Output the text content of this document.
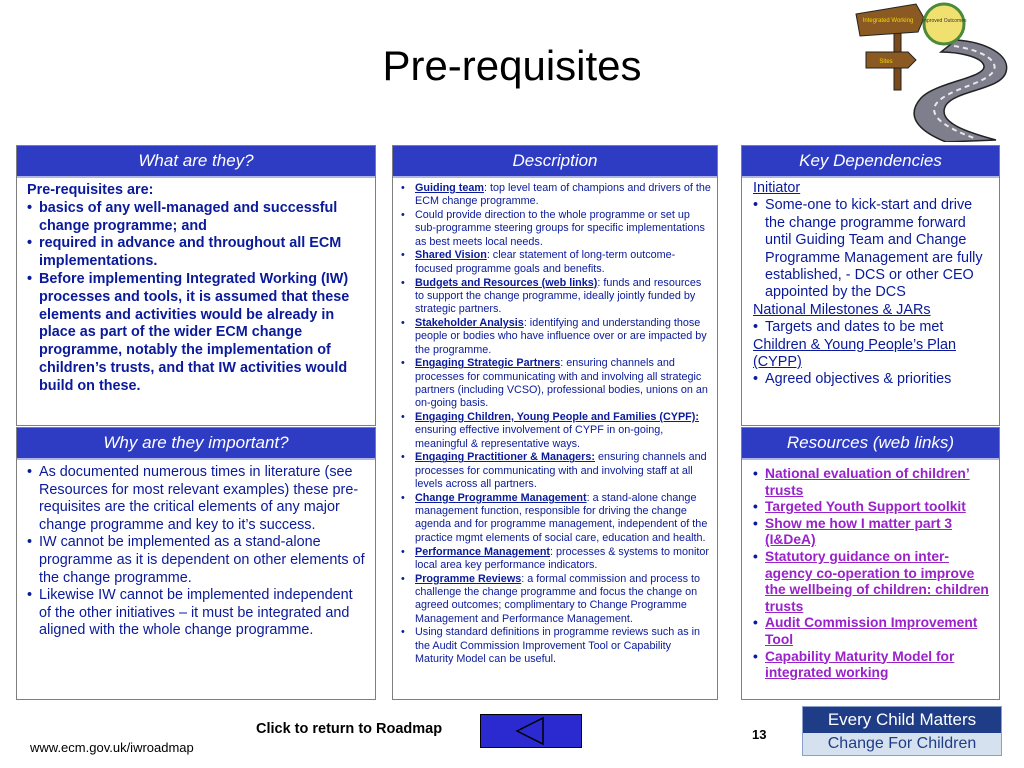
Integrated Working
Sites
Improved Outcomes
Pre-requisites
What are they?
Pre-requisites are:
• basics of any well-managed and successful change programme; and
• required in advance and throughout all ECM implementations.
• Before implementing Integrated Working (IW) processes and tools, it is assumed that these elements and activities would be already in place as part of the wider ECM change programme, notably the implementation of children’s trusts, and that IW activities would build on these.
Why are they important?
• As documented numerous times in literature (see Resources for most relevant examples) these pre-requisites are the critical elements of any major change programme and key to it’s success.
• IW cannot be implemented as a stand-alone programme as it is dependent on other elements of the change programme.
• Likewise IW cannot be implemented independent of the other initiatives – it must be integrated and aligned with the whole change programme.
Description
• Guiding team: top level team of champions and drivers of the ECM change programme.
• Could provide direction to the whole programme or set up sub-programme steering groups for specific implementations as best meets local needs.
• Shared Vision: clear statement of long-term outcome-focused programme goals and benefits.
• Budgets and Resources (web links): funds and resources to support the change programme, ideally jointly funded by strategic partners.
• Stakeholder Analysis: identifying and understanding those people or bodies who have influence over or are impacted by the programme.
• Engaging Strategic Partners: ensuring channels and processes for communicating with and involving all strategic partners (including VCSO), professional bodies, unions on an on-going basis.
• Engaging Children, Young People and Families (CYPF): ensuring effective involvement of CYPF in on-going, meaningful & representative ways.
• Engaging Practitioner & Managers: ensuring channels and processes for communicating with and involving staff at all levels across all partners.
• Change Programme Management: a stand-alone change management function, responsible for driving the change agenda and for programme management, independent of the practice mgmt elements of social care, education and health.
• Performance Management: processes & systems to monitor local area key performance indicators.
• Programme Reviews: a formal commission and process to challenge the change programme and focus the change on agreed outcomes; complimentary to Change Programme Management and Performance Management.
• Using standard definitions in programme reviews such as in the Audit Commission Improvement Tool or Capability Maturity Model can be useful.
Key Dependencies
Initiator
• Some-one to kick-start and drive the change programme forward until Guiding Team and Change Programme Management are fully established, - DCS or other CEO appointed by the DCS
National Milestones & JARs
• Targets and dates to be met
Children & Young People’s Plan (CYPP)
• Agreed objectives & priorities
Resources (web links)
• National evaluation of children’ trusts
• Targeted Youth Support toolkit
• Show me how I matter part 3 (I&DeA)
• Statutory guidance on inter-agency co-operation to improve the wellbeing of children: children trusts
• Audit Commission Improvement Tool
• Capability Maturity Model for integrated working
Click to return to Roadmap	13
www.ecm.gov.uk/iwroadmap
Every Child Matters
Change For Children
